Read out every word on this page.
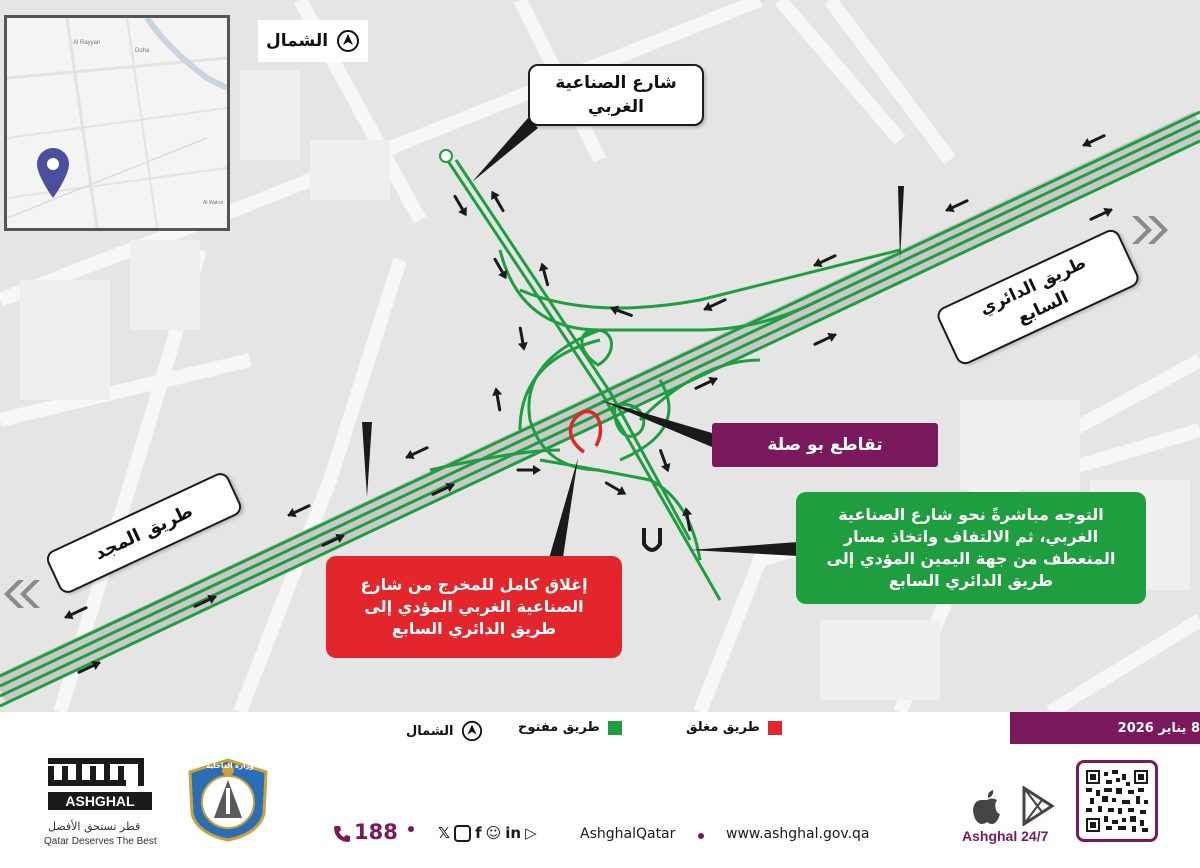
Al Rayyan
Doha
Al Wakra
الشمال
شارع الصناعية الغربي
طريق الدائري السابع
طريق المجد
تقاطع بو صلة
إغلاق كامل للمخرج من شارع الصناعية الغربي المؤدي إلى طريق الدائري السابع
التوجه مباشرةً نحو شارع الصناعية الغربي، ثم الالتفاف واتخاذ مسار المنعطف من جهة اليمين المؤدي إلى طريق الدائري السابع
الشمال	طريق مفتوح	طريق مغلق	8 يناير 2026
ASHGHAL
قطر تستحق الأفضل
Qatar Deserves The Best
وزارة الداخلية
188	𝕏 f ☺ in ▷	AshghalQatar	www.ashghal.gov.qa	Ashghal 24/7
